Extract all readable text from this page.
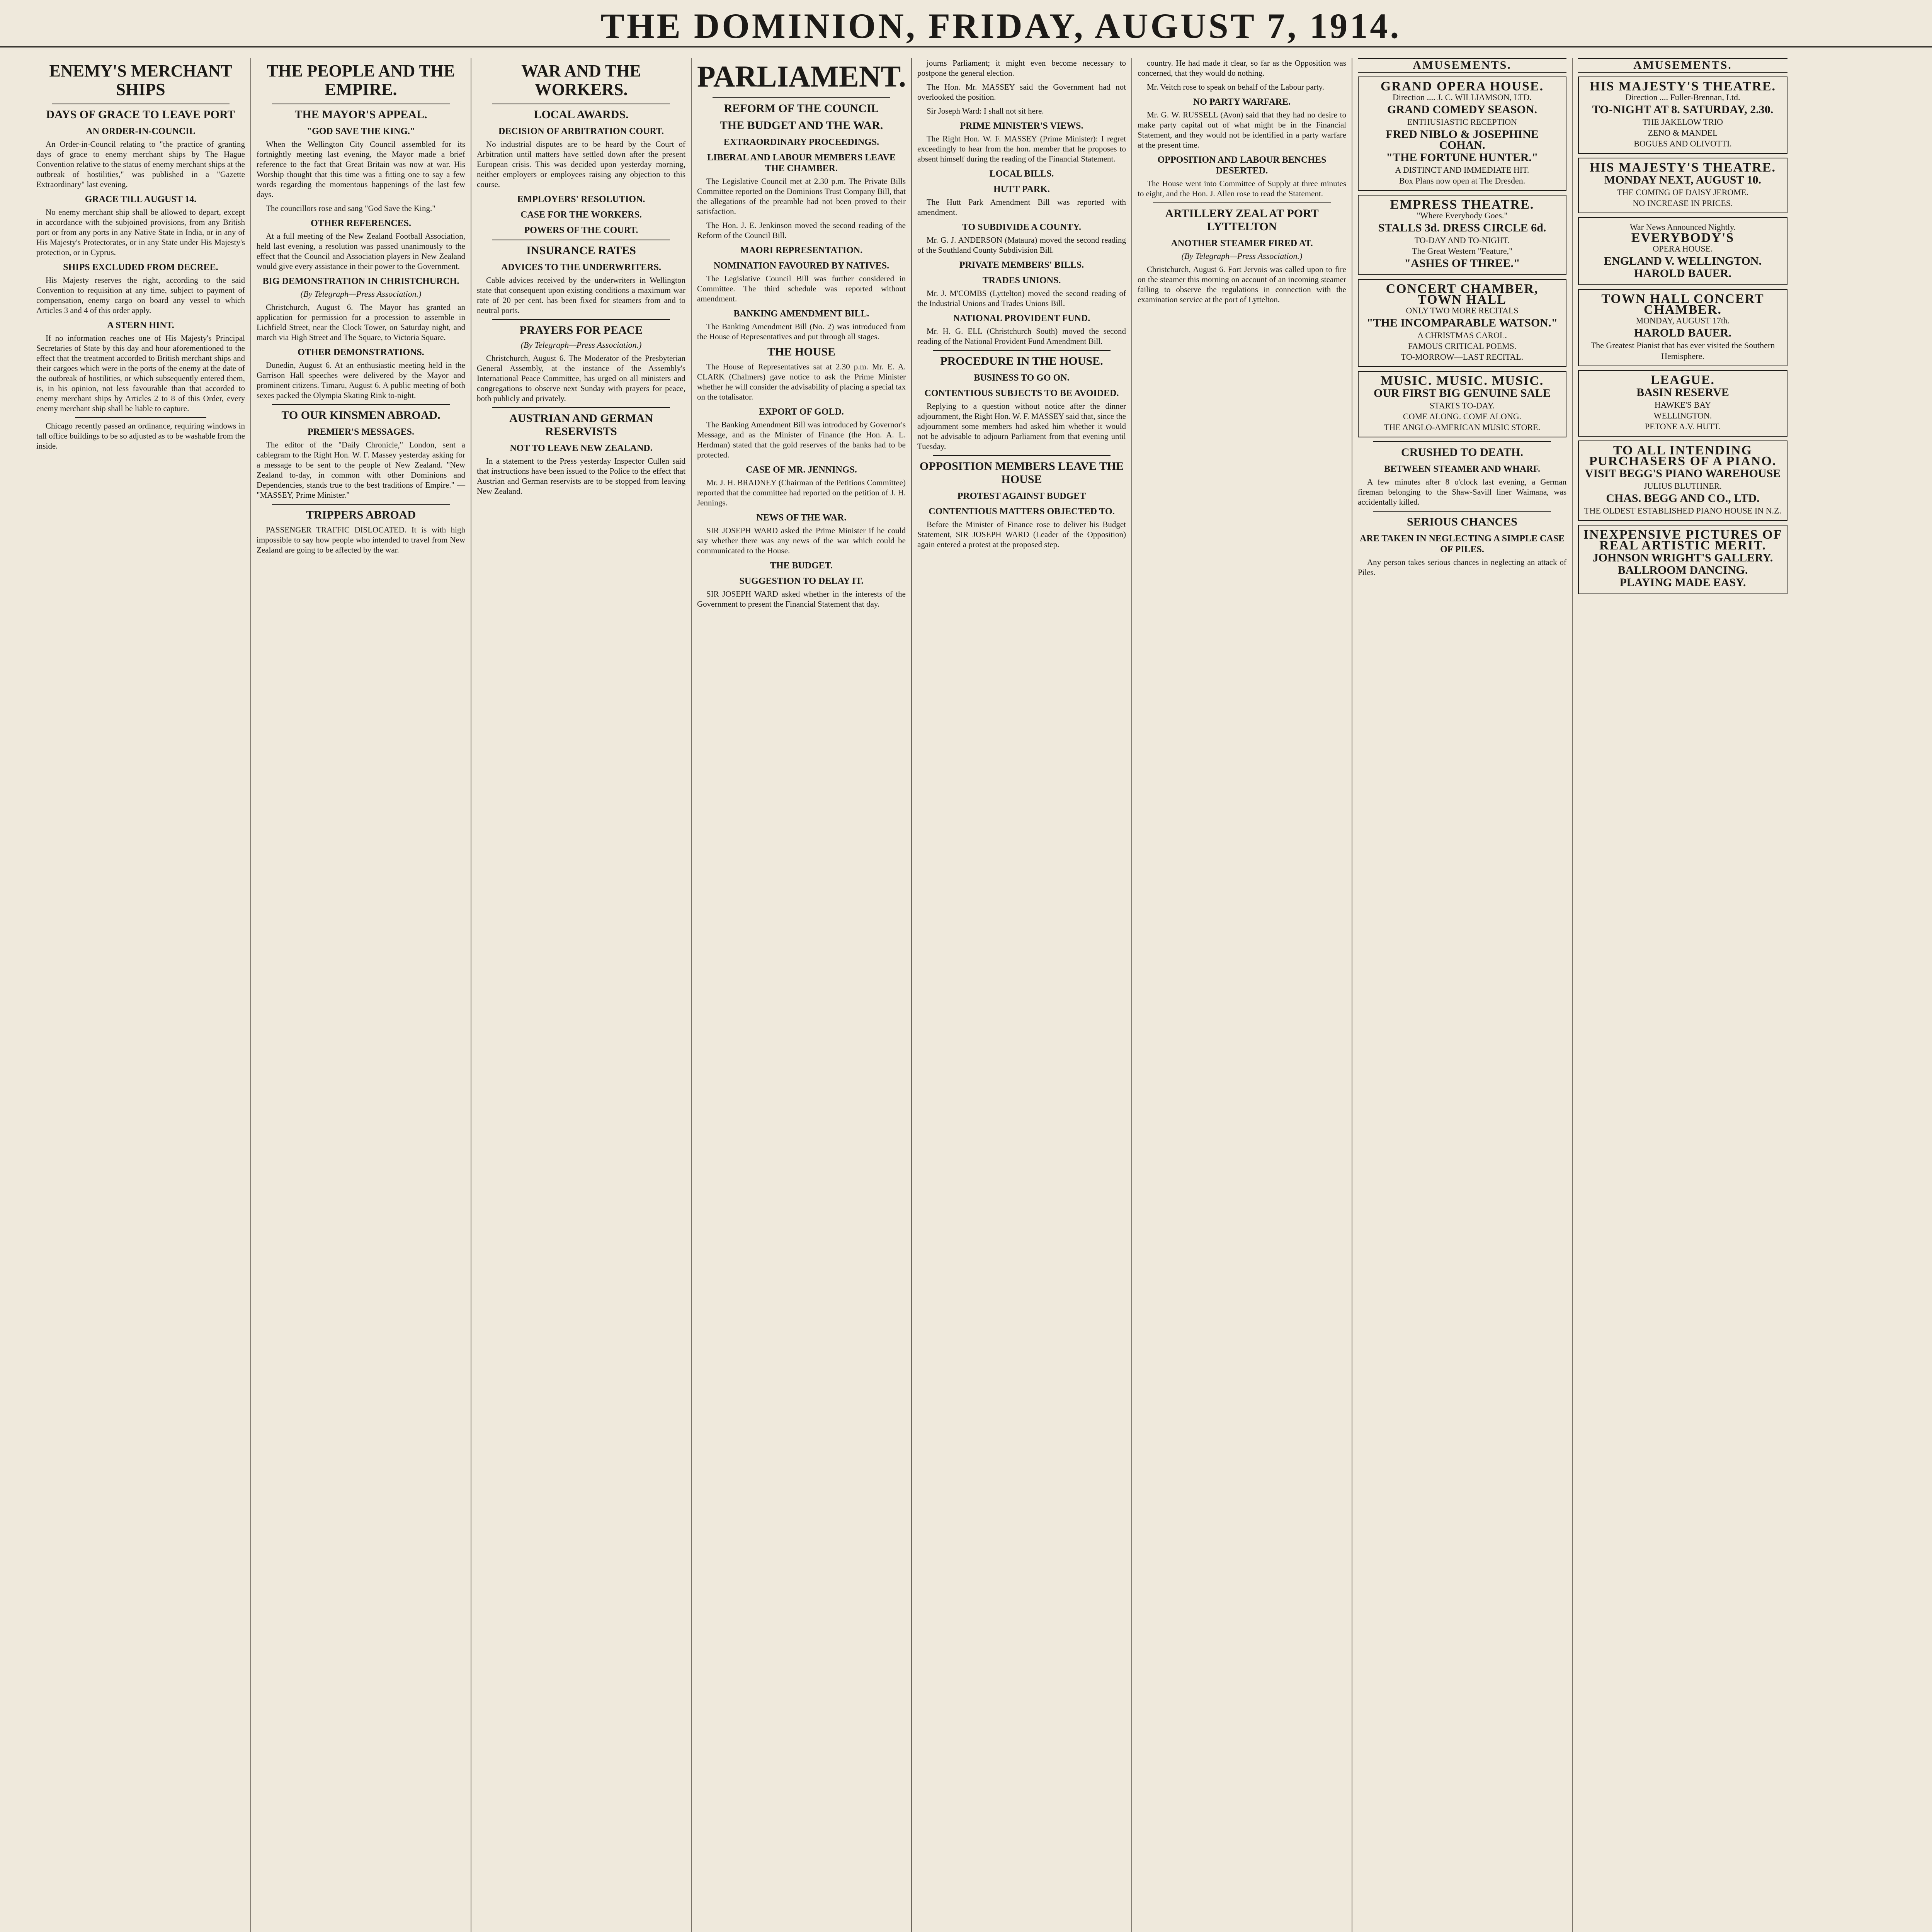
THE DOMINION, FRIDAY, AUGUST 7, 1914.
ENEMY'S MERCHANT SHIPS
DAYS OF GRACE TO LEAVE PORT
AN ORDER-IN-COUNCIL

An Order-in-Council relating to "the practice of granting days of grace to enemy merchant ships by The Hague Convention relative to the status of enemy merchant ships at the outbreak of hostilities," was published in a "Gazette Extraordinary" last evening.

GRACE TILL AUGUST 14.

No enemy merchant ship shall be allowed to depart, except in accordance with the subjoined provisions, from any British port or from any ports in any Native State in India, or in any of His Majesty's Protectorates, or in any State under His Majesty's protection, or in Cyprus.

SHIPS EXCLUDED FROM DECREE.

His Majesty reserves the right, according to the said Convention to requisition at any time, subject to payment of compensation, enemy cargo on board any vessel to which Articles 3 and 4 of this order apply.

A STERN HINT.

If no information reaches one of His Majesty's Principal Secretaries of State by this day and hour aforementioned to the effect that the treatment accorded to British merchant ships and their cargoes which were in the ports of the enemy at the date of the outbreak of hostilities, or which subsequently entered them, is, in his opinion, not less favourable than that accorded to enemy merchant ships by Articles 2 to 8 of this Order, every enemy merchant ship shall be liable to capture.

Chicago recently passed an ordinance, requiring windows in tall office buildings to be so adjusted as to be washable from the inside.

THE PEOPLE AND THE EMPIRE.
THE MAYOR'S APPEAL.
"GOD SAVE THE KING."

When the Wellington City Council assembled for its fortnightly meeting last evening, the Mayor made a brief reference to the fact that Great Britain was now at war. His Worship thought that this time was a fitting one to say a few words regarding the momentous happenings of the last few days.

The councillors rose and sang "God Save the King."

OTHER REFERENCES.

At a full meeting of the New Zealand Football Association, held last evening, a resolution was passed unanimously to the effect that the Council and Association players in New Zealand would give every assistance in their power to the Government.

BIG DEMONSTRATION IN CHRISTCHURCH.
(By Telegraph—Press Association.)

Christchurch, August 6. The Mayor has granted an application for permission for a procession to assemble in Lichfield Street, near the Clock Tower, on Saturday night, and march via High Street and The Square, to Victoria Square.

OTHER DEMONSTRATIONS.

Dunedin, August 6. At an enthusiastic meeting held in the Garrison Hall speeches were delivered by the Mayor and prominent citizens. Timaru, August 6. A public meeting of both sexes packed the Olympia Skating Rink to-night.

TO OUR KINSMEN ABROAD.
PREMIER'S MESSAGES.

The editor of the "Daily Chronicle," London, sent a cablegram to the Right Hon. W. F. Massey yesterday asking for a message to be sent to the people of New Zealand. "New Zealand to-day, in common with other Dominions and Dependencies, stands true to the best traditions of Empire." — "MASSEY, Prime Minister."

TRIPPERS ABROAD

PASSENGER TRAFFIC DISLOCATED. It is with high impossible to say how people who intended to travel from New Zealand are going to be affected by the war.

WAR AND THE WORKERS.
LOCAL AWARDS.
DECISION OF ARBITRATION COURT.

No industrial disputes are to be heard by the Court of Arbitration until matters have settled down after the present European crisis. This was decided upon yesterday morning, neither employers or employees raising any objection to this course.

EMPLOYERS' RESOLUTION.
CASE FOR THE WORKERS.
POWERS OF THE COURT.
INSURANCE RATES
ADVICES TO THE UNDERWRITERS.

Cable advices received by the underwriters in Wellington state that consequent upon existing conditions a maximum war rate of 20 per cent. has been fixed for steamers from and to neutral ports.

PRAYERS FOR PEACE
(By Telegraph—Press Association.)

Christchurch, August 6. The Moderator of the Presbyterian General Assembly, at the instance of the Assembly's International Peace Committee, has urged on all ministers and congregations to observe next Sunday with prayers for peace, both publicly and privately.

AUSTRIAN AND GERMAN RESERVISTS
NOT TO LEAVE NEW ZEALAND.

In a statement to the Press yesterday Inspector Cullen said that instructions have been issued to the Police to the effect that Austrian and German reservists are to be stopped from leaving New Zealand.

PARLIAMENT.
REFORM OF THE COUNCIL
THE BUDGET AND THE WAR.
EXTRAORDINARY PROCEEDINGS.
LIBERAL AND LABOUR MEMBERS LEAVE THE CHAMBER.

The Legislative Council met at 2.30 p.m. The Private Bills Committee reported on the Dominions Trust Company Bill, that the allegations of the preamble had not been proved to their satisfaction.

The Hon. J. E. Jenkinson moved the second reading of the Reform of the Council Bill.

MAORI REPRESENTATION.
NOMINATION FAVOURED BY NATIVES.

The Legislative Council Bill was further considered in Committee. The third schedule was reported without amendment.

BANKING AMENDMENT BILL.

The Banking Amendment Bill (No. 2) was introduced from the House of Representatives and put through all stages.

THE HOUSE

The House of Representatives sat at 2.30 p.m. Mr. E. A. CLARK (Chalmers) gave notice to ask the Prime Minister whether he will consider the advisability of placing a special tax on the totalisator.

EXPORT OF GOLD.

The Banking Amendment Bill was introduced by Governor's Message, and as the Minister of Finance (the Hon. A. L. Herdman) stated that the gold reserves of the banks had to be protected.

CASE OF MR. JENNINGS.

Mr. J. H. BRADNEY (Chairman of the Petitions Committee) reported that the committee had reported on the petition of J. H. Jennings.

NEWS OF THE WAR.

SIR JOSEPH WARD asked the Prime Minister if he could say whether there was any news of the war which could be communicated to the House.

THE BUDGET.
SUGGESTION TO DELAY IT.

SIR JOSEPH WARD asked whether in the interests of the Government to present the Financial Statement that day.

journs Parliament; it might even become necessary to postpone the general election.

The Hon. Mr. MASSEY said the Government had not overlooked the position.

Sir Joseph Ward: I shall not sit here.

PRIME MINISTER'S VIEWS.

The Right Hon. W. F. MASSEY (Prime Minister): I regret exceedingly to hear from the hon. member that he proposes to absent himself during the reading of the Financial Statement.

LOCAL BILLS.
HUTT PARK.

The Hutt Park Amendment Bill was reported with amendment.

TO SUBDIVIDE A COUNTY.

Mr. G. J. ANDERSON (Mataura) moved the second reading of the Southland County Subdivision Bill.

PRIVATE MEMBERS' BILLS.
TRADES UNIONS.

Mr. J. M'COMBS (Lyttelton) moved the second reading of the Industrial Unions and Trades Unions Bill.

NATIONAL PROVIDENT FUND.

Mr. H. G. ELL (Christchurch South) moved the second reading of the National Provident Fund Amendment Bill.

PROCEDURE IN THE HOUSE.
BUSINESS TO GO ON.
CONTENTIOUS SUBJECTS TO BE AVOIDED.

Replying to a question without notice after the dinner adjournment, the Right Hon. W. F. MASSEY said that, since the adjournment some members had asked him whether it would not be advisable to adjourn Parliament from that evening until Tuesday.

OPPOSITION MEMBERS LEAVE THE HOUSE
PROTEST AGAINST BUDGET
CONTENTIOUS MATTERS OBJECTED TO.

Before the Minister of Finance rose to deliver his Budget Statement, SIR JOSEPH WARD (Leader of the Opposition) again entered a protest at the proposed step.

country. He had made it clear, so far as the Opposition was concerned, that they would do nothing.

Mr. Veitch rose to speak on behalf of the Labour party.

NO PARTY WARFARE.

Mr. G. W. RUSSELL (Avon) said that they had no desire to make party capital out of what might be in the Financial Statement, and they would not be identified in a party warfare at the present time.

OPPOSITION AND LABOUR BENCHES DESERTED.

The House went into Committee of Supply at three minutes to eight, and the Hon. J. Allen rose to read the Statement.

ARTILLERY ZEAL AT PORT LYTTELTON
ANOTHER STEAMER FIRED AT.
(By Telegraph—Press Association.)

Christchurch, August 6. Fort Jervois was called upon to fire on the steamer this morning on account of an incoming steamer failing to observe the regulations in connection with the examination service at the port of Lyttelton.

AMUSEMENTS.
GRAND OPERA HOUSE.
Direction .... J. C. WILLIAMSON, LTD.
GRAND COMEDY SEASON.
ENTHUSIASTIC RECEPTION
FRED NIBLO & JOSEPHINE COHAN.
"THE FORTUNE HUNTER."
A DISTINCT AND IMMEDIATE HIT.
Box Plans now open at The Dresden.
EMPRESS THEATRE.
"Where Everybody Goes."
STALLS 3d. DRESS CIRCLE 6d.
TO-DAY AND TO-NIGHT.
The Great Western "Feature,"
"ASHES OF THREE."
CONCERT CHAMBER, TOWN HALL
ONLY TWO MORE RECITALS
"THE INCOMPARABLE WATSON."
A CHRISTMAS CAROL.
FAMOUS CRITICAL POEMS.
TO-MORROW—LAST RECITAL.
MUSIC. MUSIC. MUSIC.
OUR FIRST BIG GENUINE SALE
STARTS TO-DAY.
COME ALONG. COME ALONG.
THE ANGLO-AMERICAN MUSIC STORE.
CRUSHED TO DEATH.
BETWEEN STEAMER AND WHARF.

A few minutes after 8 o'clock last evening, a German fireman belonging to the Shaw-Savill liner Waimana, was accidentally killed.

SERIOUS CHANCES
ARE TAKEN IN NEGLECTING A SIMPLE CASE OF PILES.

Any person takes serious chances in neglecting an attack of Piles.

AMUSEMENTS.
HIS MAJESTY'S THEATRE.
Direction .... Fuller-Brennan, Ltd.
TO-NIGHT AT 8. SATURDAY, 2.30.
THE JAKELOW TRIO
ZENO & MANDEL
BOGUES AND OLIVOTTI.
HIS MAJESTY'S THEATRE.
MONDAY NEXT, AUGUST 10.
THE COMING OF DAISY JEROME.
NO INCREASE IN PRICES.
War News Announced Nightly.
EVERYBODY'S
OPERA HOUSE.
ENGLAND V. WELLINGTON.
HAROLD BAUER.
TOWN HALL CONCERT CHAMBER.
MONDAY, AUGUST 17th.
HAROLD BAUER.
The Greatest Pianist that has ever visited the Southern Hemisphere.
LEAGUE.
BASIN RESERVE
HAWKE'S BAY
WELLINGTON.
PETONE A.V. HUTT.
TO ALL INTENDING PURCHASERS OF A PIANO.
VISIT BEGG'S PIANO WAREHOUSE
JULIUS BLUTHNER.
CHAS. BEGG AND CO., LTD.
THE OLDEST ESTABLISHED PIANO HOUSE IN N.Z.
INEXPENSIVE PICTURES OF REAL ARTISTIC MERIT.
JOHNSON WRIGHT'S GALLERY.
BALLROOM DANCING.
PLAYING MADE EASY.
